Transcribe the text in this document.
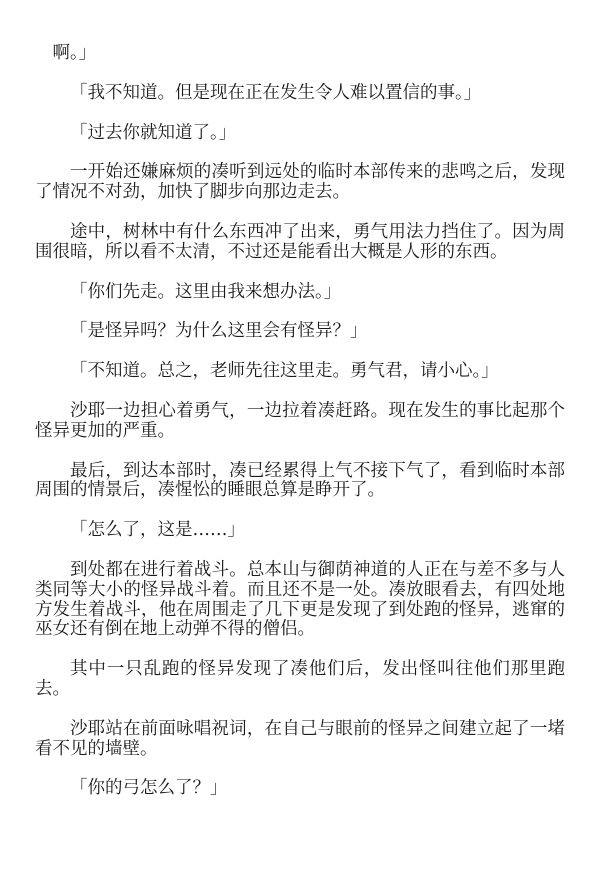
啊。」

「我不知道。但是现在正在发生令人难以置信的事。」

「过去你就知道了。」

一开始还嫌麻烦的凑听到远处的临时本部传来的悲鸣之后，发现了情况不对劲，加快了脚步向那边走去。

途中，树林中有什么东西冲了出来，勇气用法力挡住了。因为周围很暗，所以看不太清，不过还是能看出大概是人形的东西。

「你们先走。这里由我来想办法。」

「是怪异吗？为什么这里会有怪异？」

「不知道。总之，老师先往这里走。勇气君，请小心。」

沙耶一边担心着勇气，一边拉着凑赶路。现在发生的事比起那个怪异更加的严重。

最后，到达本部时，凑已经累得上气不接下气了，看到临时本部周围的情景后，凑惺忪的睡眼总算是睁开了。

「怎么了，这是……」

到处都在进行着战斗。总本山与御荫神道的人正在与差不多与人类同等大小的怪异战斗着。而且还不是一处。凑放眼看去，有四处地方发生着战斗，他在周围走了几下更是发现了到处跑的怪异，逃窜的巫女还有倒在地上动弹不得的僧侣。

其中一只乱跑的怪异发现了凑他们后，发出怪叫往他们那里跑去。

沙耶站在前面咏唱祝词，在自己与眼前的怪异之间建立起了一堵看不见的墙壁。

「你的弓怎么了？」
